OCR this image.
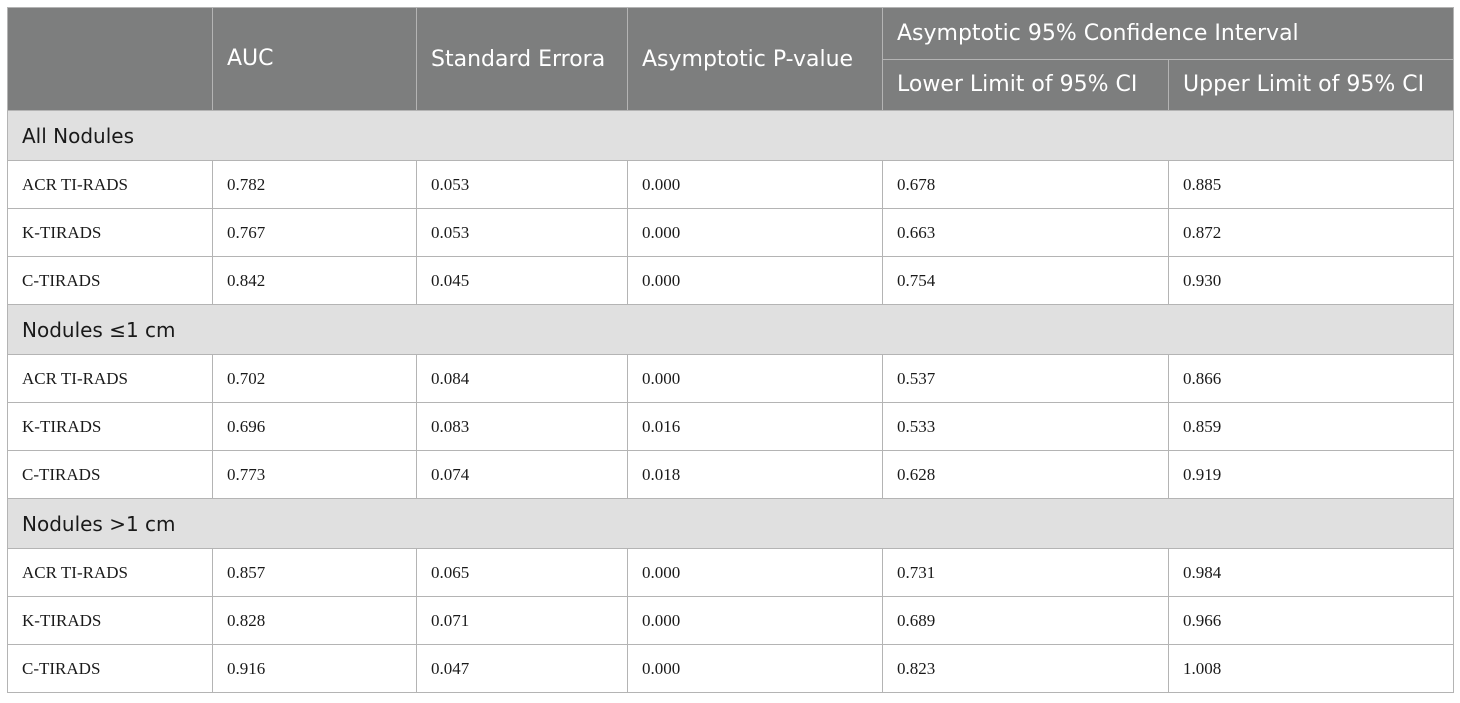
	AUC	Standard Errora	Asymptotic P-value	Asymptotic 95% Confidence Interval	
				Lower Limit of 95% CI	Upper Limit of 95% CI
All Nodules					
ACR TI-RADS	0.782	0.053	0.000	0.678	0.885
K-TIRADS	0.767	0.053	0.000	0.663	0.872
C-TIRADS	0.842	0.045	0.000	0.754	0.930
Nodules ≤1 cm					
ACR TI-RADS	0.702	0.084	0.000	0.537	0.866
K-TIRADS	0.696	0.083	0.016	0.533	0.859
C-TIRADS	0.773	0.074	0.018	0.628	0.919
Nodules >1 cm					
ACR TI-RADS	0.857	0.065	0.000	0.731	0.984
K-TIRADS	0.828	0.071	0.000	0.689	0.966
C-TIRADS	0.916	0.047	0.000	0.823	1.008
